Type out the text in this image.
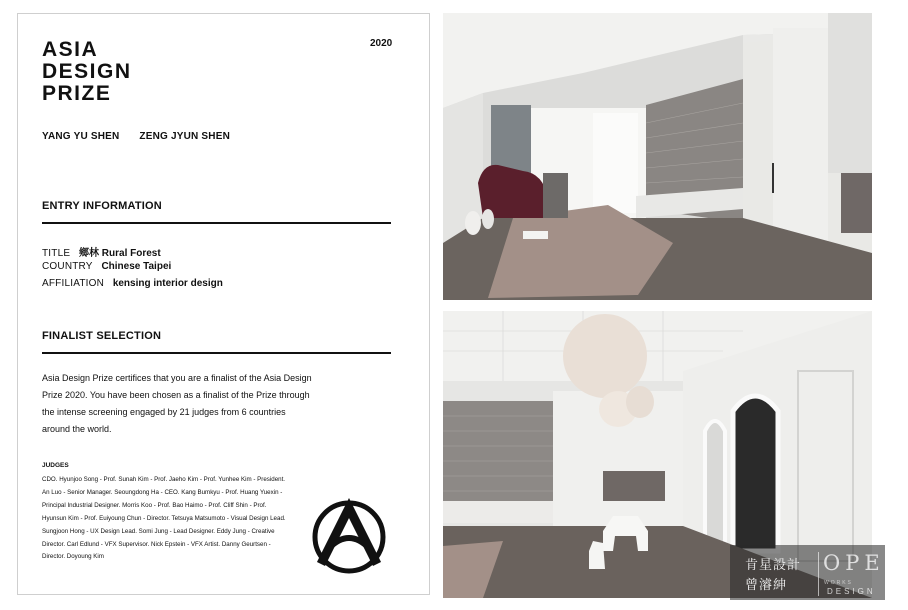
ASIA
DESIGN
PRIZE
2020
YANG YU SHEN ZENG JYUN SHEN
ENTRY INFORMATION
TITLE 鄉林 Rural Forest
COUNTRY Chinese Taipei
AFFILIATION kensing interior design
FINALIST SELECTION
Asia Design Prize certifices that you are a finalist of the Asia Design Prize 2020. You have been chosen as a finalist of the Prize through the intense screening engaged by 21 judges from 6 countries around the world.
JUDGES
CDO. Hyunjoo Song - Prof. Sunah Kim - Prof. Jaeho Kim - Prof. Yunhee Kim - President. An Luo - Senior Manager. Seoungdong Ha - CEO. Kang Bumkyu - Prof. Huang Yuexin - Principal Industrial Designer. Morris Koo - Prof. Bao Haimo - Prof. Cliff Shin - Prof. Hyunsun Kim - Prof. Euiyoung Chun - Director. Tetsuya Matsumoto - Visual Design Lead. Sungjoon Hong - UX Design Lead. Somi Jung - Lead Designer. Eddy Jung - Creative Director. Carl Edlund - VFX Supervisor. Nick Epstein - VFX Artist. Danny Geurtsen - Director. Doyoung Kim
肯星設計
曾濬紳
OPEN
WORKS
DESIGN
